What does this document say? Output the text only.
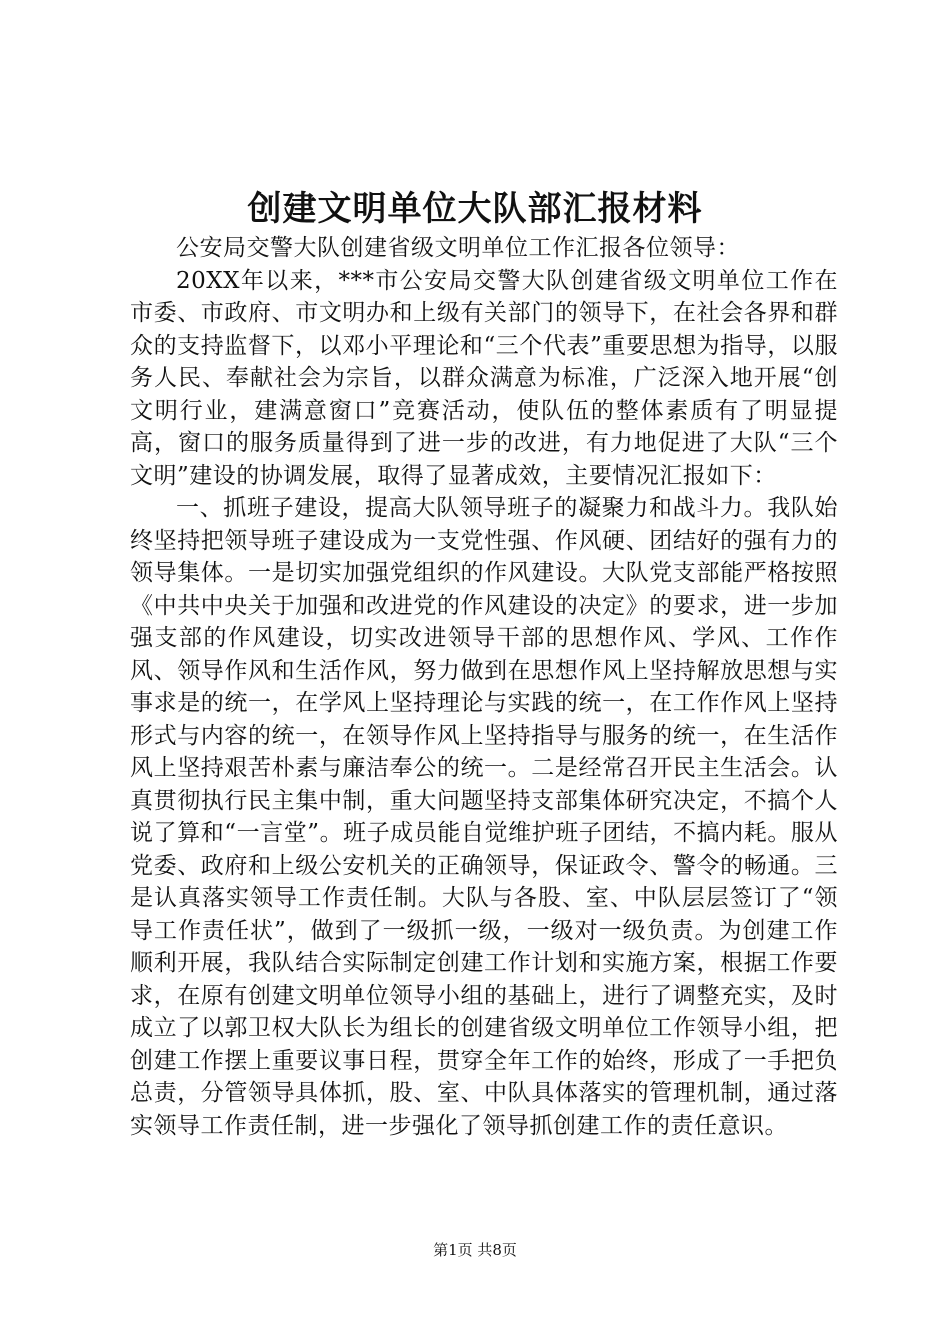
创建文明单位大队部汇报材料

公安局交警大队创建省级文明单位工作汇报各位领导：

20XX年以来，***市公安局交警大队创建省级文明单位工作在市委、市政府、市文明办和上级有关部门的领导下，在社会各界和群众的支持监督下，以邓小平理论和“三个代表”重要思想为指导，以服务人民、奉献社会为宗旨，以群众满意为标准，广泛深入地开展“创文明行业，建满意窗口”竞赛活动，使队伍的整体素质有了明显提高，窗口的服务质量得到了进一步的改进，有力地促进了大队“三个文明”建设的协调发展，取得了显著成效，主要情况汇报如下：

一、抓班子建设，提高大队领导班子的凝聚力和战斗力。我队始终坚持把领导班子建设成为一支党性强、作风硬、团结好的强有力的领导集体。一是切实加强党组织的作风建设。大队党支部能严格按照《中共中央关于加强和改进党的作风建设的决定》的要求，进一步加强支部的作风建设，切实改进领导干部的思想作风、学风、工作作风、领导作风和生活作风，努力做到在思想作风上坚持解放思想与实事求是的统一，在学风上坚持理论与实践的统一，在工作作风上坚持形式与内容的统一，在领导作风上坚持指导与服务的统一，在生活作风上坚持艰苦朴素与廉洁奉公的统一。二是经常召开民主生活会。认真贯彻执行民主集中制，重大问题坚持支部集体研究决定，不搞个人说了算和“一言堂”。班子成员能自觉维护班子团结，不搞内耗。服从党委、政府和上级公安机关的正确领导，保证政令、警令的畅通。三是认真落实领导工作责任制。大队与各股、室、中队层层签订了“领导工作责任状”，做到了一级抓一级，一级对一级负责。为创建工作顺利开展，我队结合实际制定创建工作计划和实施方案，根据工作要求，在原有创建文明单位领导小组的基础上，进行了调整充实，及时成立了以郭卫权大队长为组长的创建省级文明单位工作领导小组，把创建工作摆上重要议事日程，贯穿全年工作的始终，形成了一手把负总责，分管领导具体抓，股、室、中队具体落实的管理机制，通过落实领导工作责任制，进一步强化了领导抓创建工作的责任意识。

第1页 共8页
